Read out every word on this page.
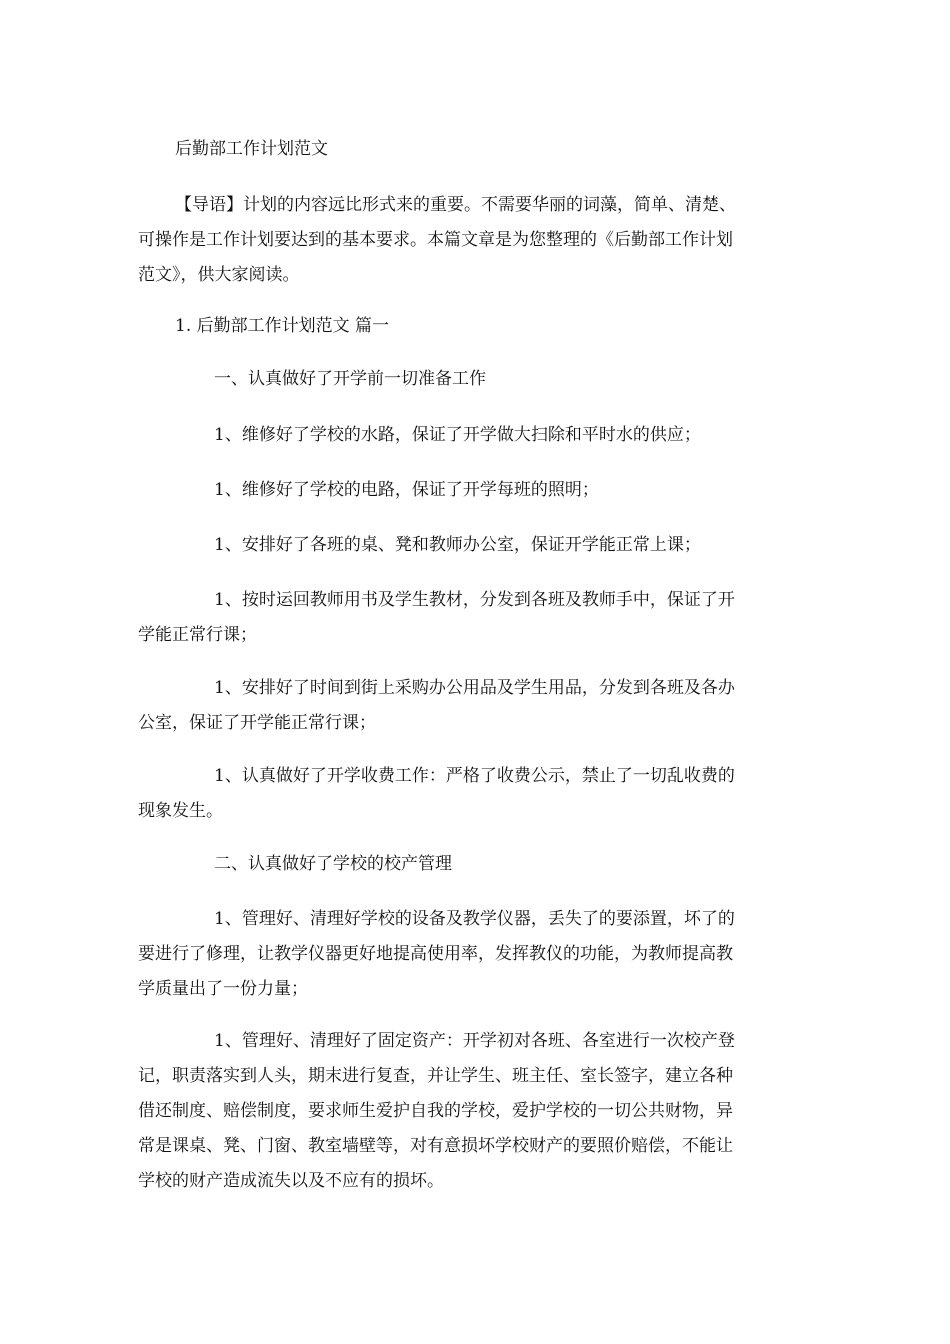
后勤部工作计划范文
【导语】计划的内容远比形式来的重要。不需要华丽的词藻，简单、清楚、
可操作是工作计划要达到的基本要求。本篇文章是为您整理的《后勤部工作计划
范文》，供大家阅读。
1. 后勤部工作计划范文 篇一
一、认真做好了开学前一切准备工作
1、维修好了学校的水路，保证了开学做大扫除和平时水的供应；
1、维修好了学校的电路，保证了开学每班的照明；
1、安排好了各班的桌、凳和教师办公室，保证开学能正常上课；
1、按时运回教师用书及学生教材，分发到各班及教师手中，保证了开
学能正常行课；
1、安排好了时间到街上采购办公用品及学生用品，分发到各班及各办
公室，保证了开学能正常行课；
1、认真做好了开学收费工作：严格了收费公示，禁止了一切乱收费的
现象发生。
二、认真做好了学校的校产管理
1、管理好、清理好学校的设备及教学仪器，丢失了的要添置，坏了的
要进行了修理，让教学仪器更好地提高使用率，发挥教仪的功能，为教师提高教
学质量出了一份力量；
1、管理好、清理好了固定资产：开学初对各班、各室进行一次校产登
记，职责落实到人头，期末进行复查，并让学生、班主任、室长签字，建立各种
借还制度、赔偿制度，要求师生爱护自我的学校，爱护学校的一切公共财物，异
常是课桌、凳、门窗、教室墙壁等，对有意损坏学校财产的要照价赔偿，不能让
学校的财产造成流失以及不应有的损坏。
